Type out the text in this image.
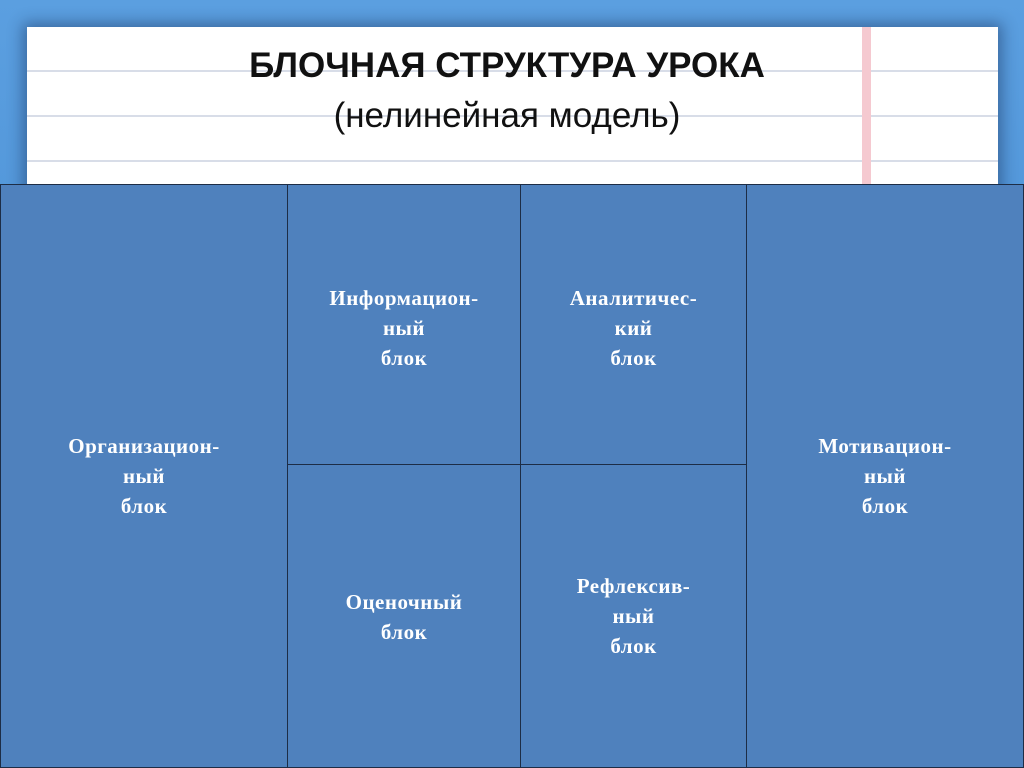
БЛОЧНАЯ СТРУКТУРА УРОКА
(нелинейная модель)
Организацион-
ный
блок
Информацион-
ный
блок
Аналитичес-
кий
блок
Мотивацион-
ный
блок
Оценочный
блок
Рефлексив-
ный
блок
